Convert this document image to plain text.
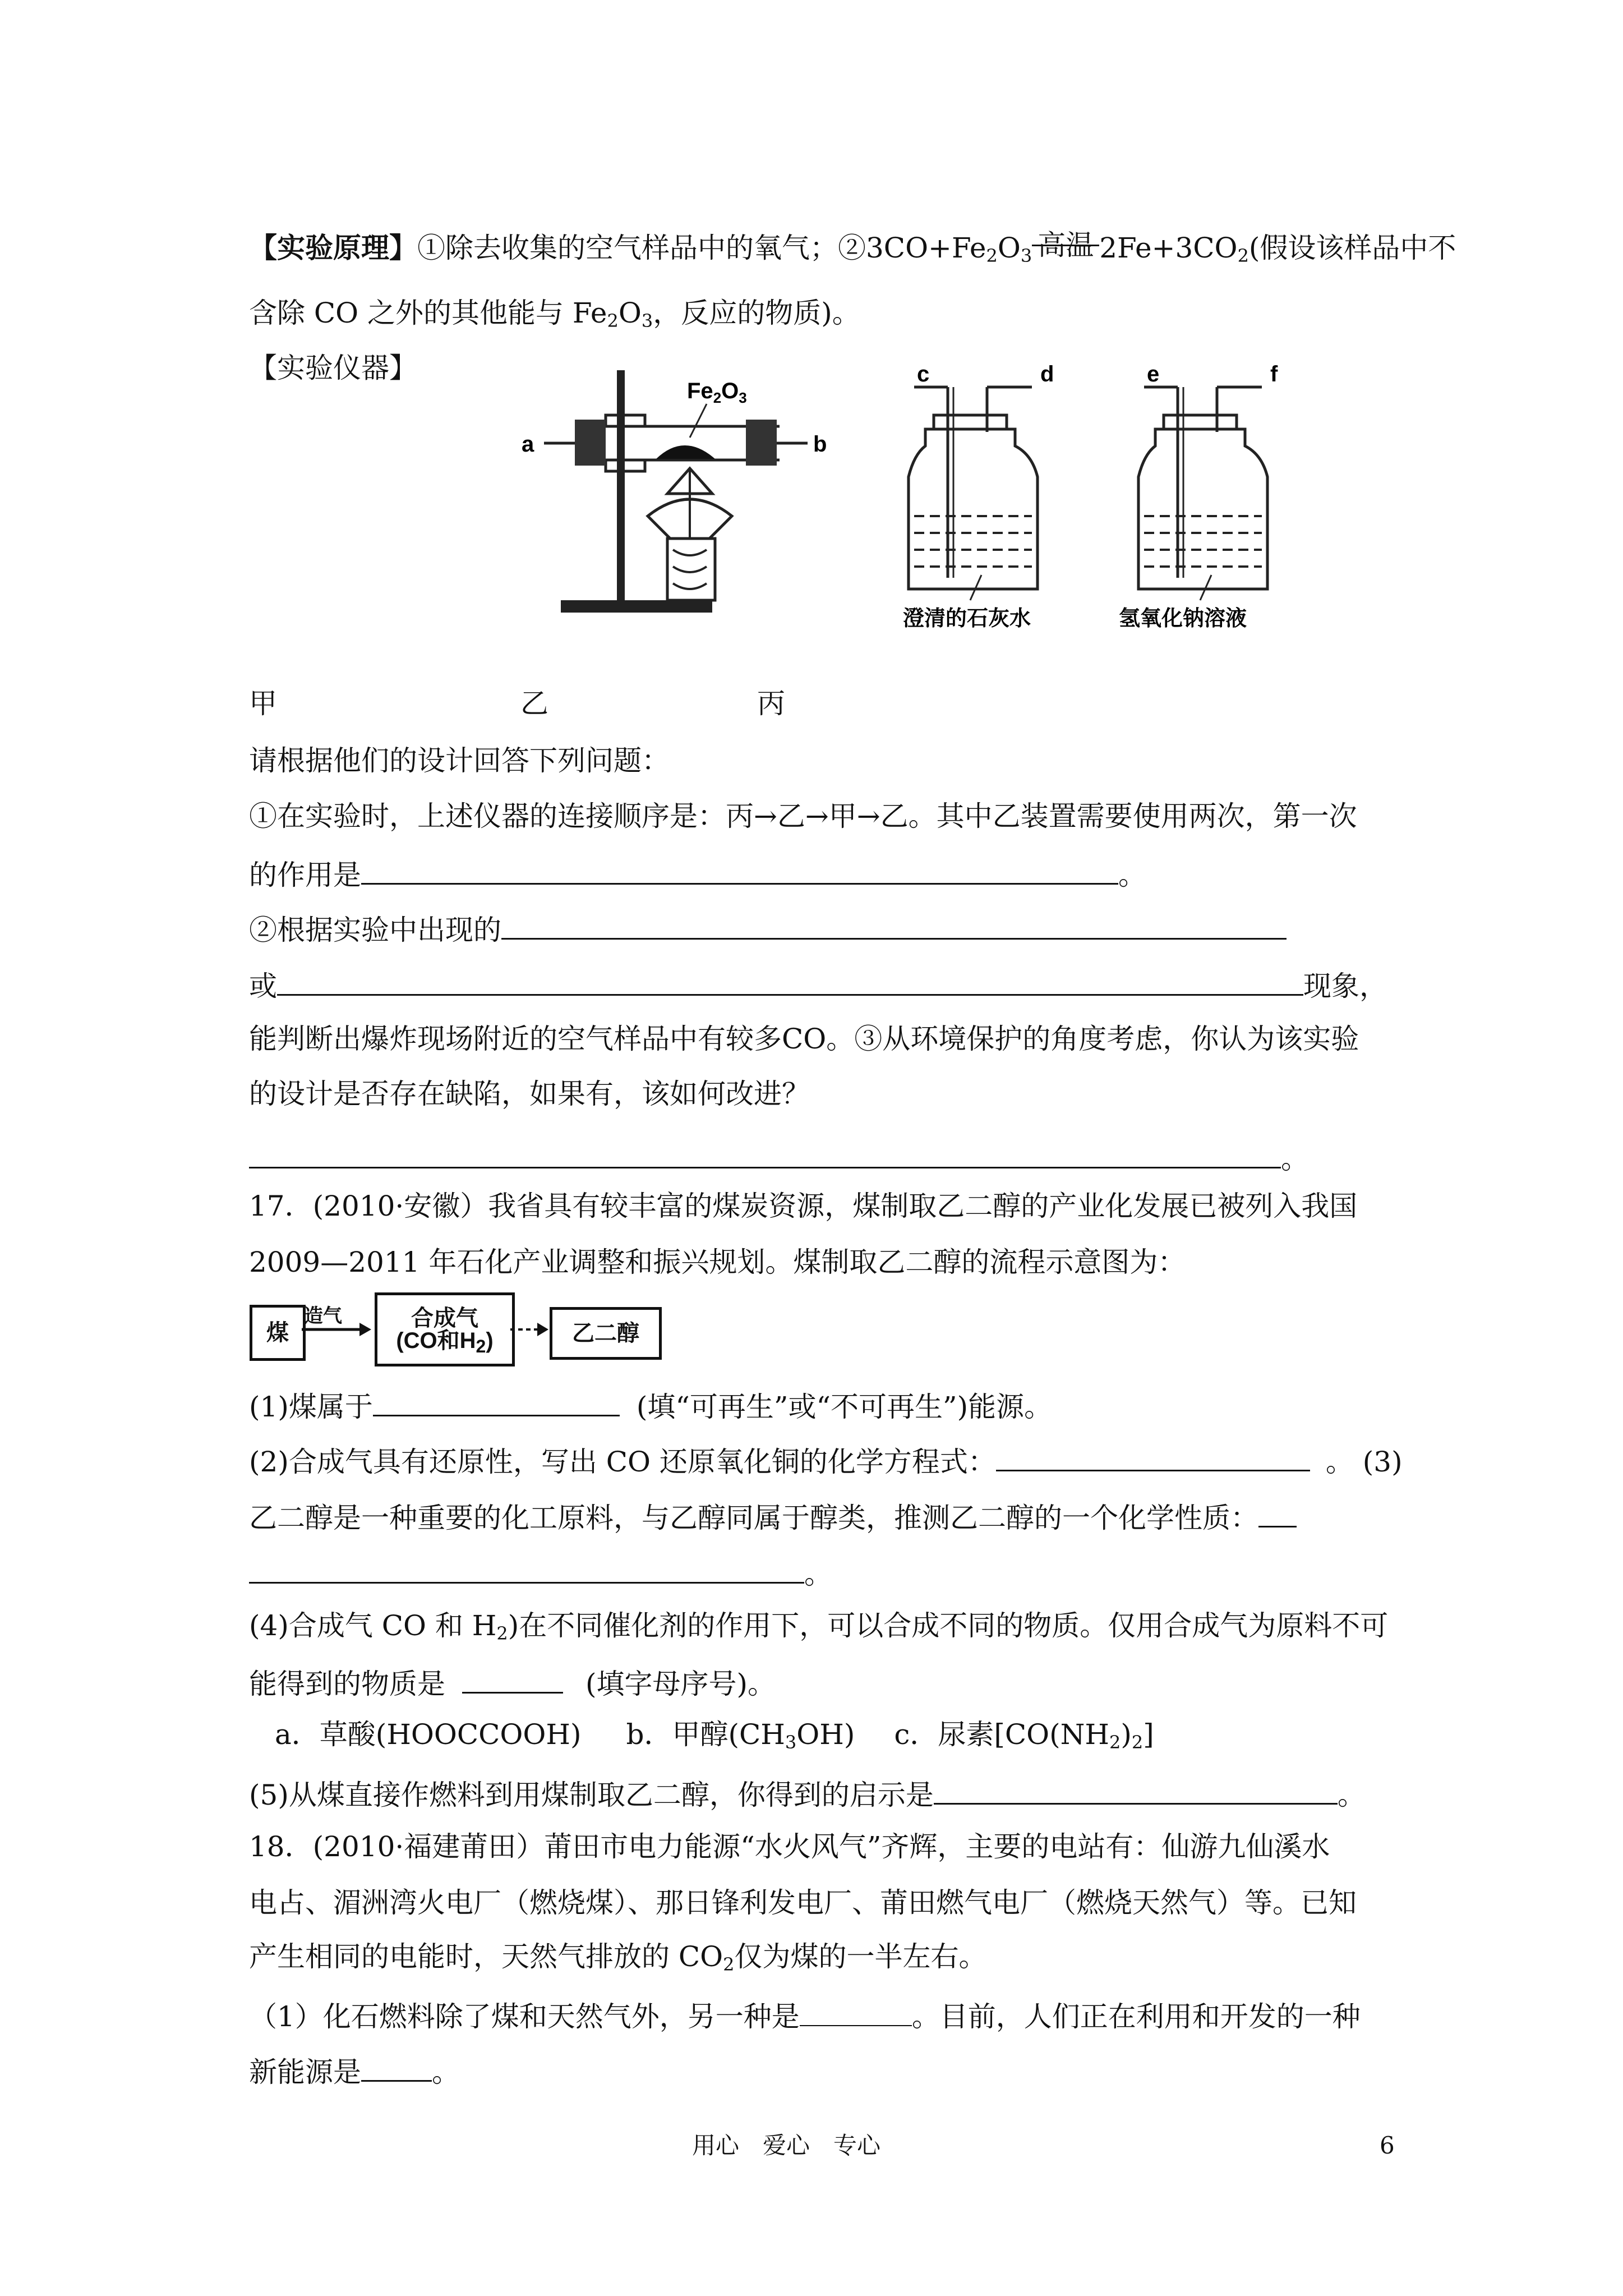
【实验原理】①除去收集的空气样品中的氧气；$②3CO+Fe_2O_3$ 高温 $2Fe+3CO_2$(假设该样品中不
含除 CO 之外的其他能与 $Fe_2O_3$，反应的物质)。
【实验仪器】
$Fe_2O_3$
a	b
c	d
澄清的石灰水
e	f
氢氧化钠溶液
甲	乙	丙
请根据他们的设计回答下列问题：
①在实验时，上述仪器的连接顺序是：丙→乙→甲→乙。其中乙装置需要使用两次，第一次
的作用是	。
②根据实验中出现的
或	现象，
能判断出爆炸现场附近的空气样品中有较多CO。③从环境保护的角度考虑，你认为该实验
的设计是否存在缺陷，如果有，该如何改进？
。
17．(2010·安徽）我省具有较丰富的煤炭资源，煤制取乙二醇的产业化发展已被列入我国
2009—2011 年石化产业调整和振兴规划。煤制取乙二醇的流程示意图为：
煤
造气	合成气
(CO和$H_2$)	乙二醇
(1)煤属于	(填“可再生”或“不可再生”)能源。
(2)合成气具有还原性，写出 CO 还原氧化铜的化学方程式：	。 (3)
乙二醇是一种重要的化工原料，与乙醇同属于醇类，推测乙二醇的一个化学性质：
。
(4)合成气 CO 和 $H_2$)在不同催化剂的作用下，可以合成不同的物质。仅用合成气为原料不可
能得到的物质是	(填字母序号)。
a．草酸(HOOCCOOH) b．甲醇$(CH_3OH)$ c．尿素$[CO(NH_2)_2]$
(5)从煤直接作燃料到用煤制取乙二醇，你得到的启示是	。
18．(2010·福建莆田）莆田市电力能源“水火风气”齐辉，主要的电站有：仙游九仙溪水
电占、湄洲湾火电厂（燃烧煤）、那日锋利发电厂、莆田燃气电厂（燃烧天然气）等。已知
产生相同的电能时，天然气排放的 $CO_2$仅为煤的一半左右。
（1）化石燃料除了煤和天然气外，另一种是	。目前，人们正在利用和开发的一种
新能源是	。
用心　爱心　专心	6
